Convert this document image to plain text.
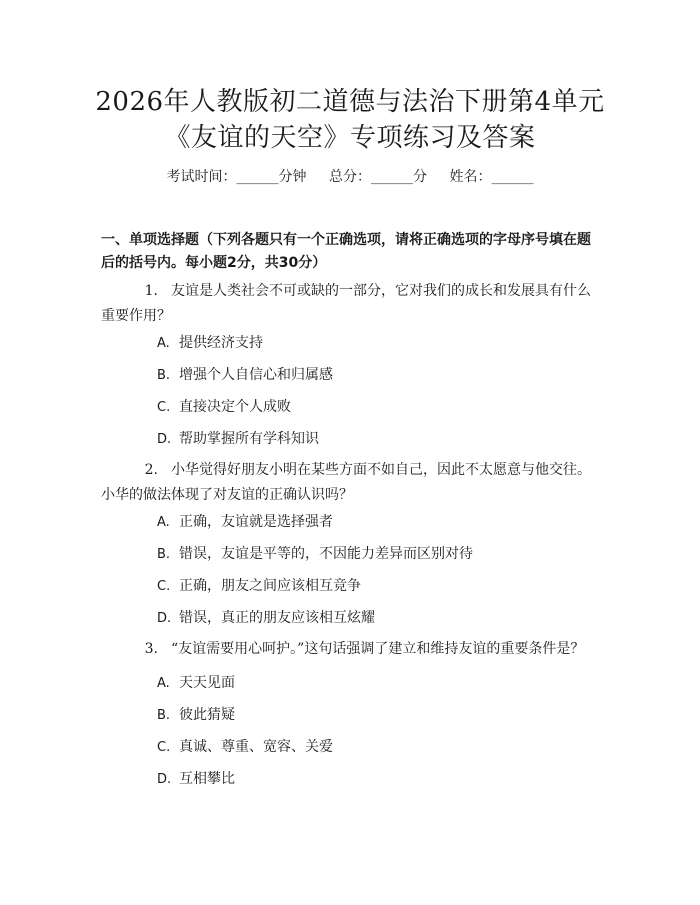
2026年人教版初二道德与法治下册第4单元
《友谊的天空》专项练习及答案
考试时间：______分钟 总分：______分 姓名：______
一、单项选择题（下列各题只有一个正确选项，请将正确选项的字母序号填在题后的括号内。每小题2分，共30分）
1. 友谊是人类社会不可或缺的一部分，它对我们的成长和发展具有什么重要作用？
A. 提供经济支持
B. 增强个人自信心和归属感
C. 直接决定个人成败
D. 帮助掌握所有学科知识
2. 小华觉得好朋友小明在某些方面不如自己，因此不太愿意与他交往。小华的做法体现了对友谊的正确认识吗？
A. 正确，友谊就是选择强者
B. 错误，友谊是平等的，不因能力差异而区别对待
C. 正确，朋友之间应该相互竞争
D. 错误，真正的朋友应该相互炫耀
3. “友谊需要用心呵护。”这句话强调了建立和维持友谊的重要条件是？
A. 天天见面
B. 彼此猜疑
C. 真诚、尊重、宽容、关爱
D. 互相攀比
